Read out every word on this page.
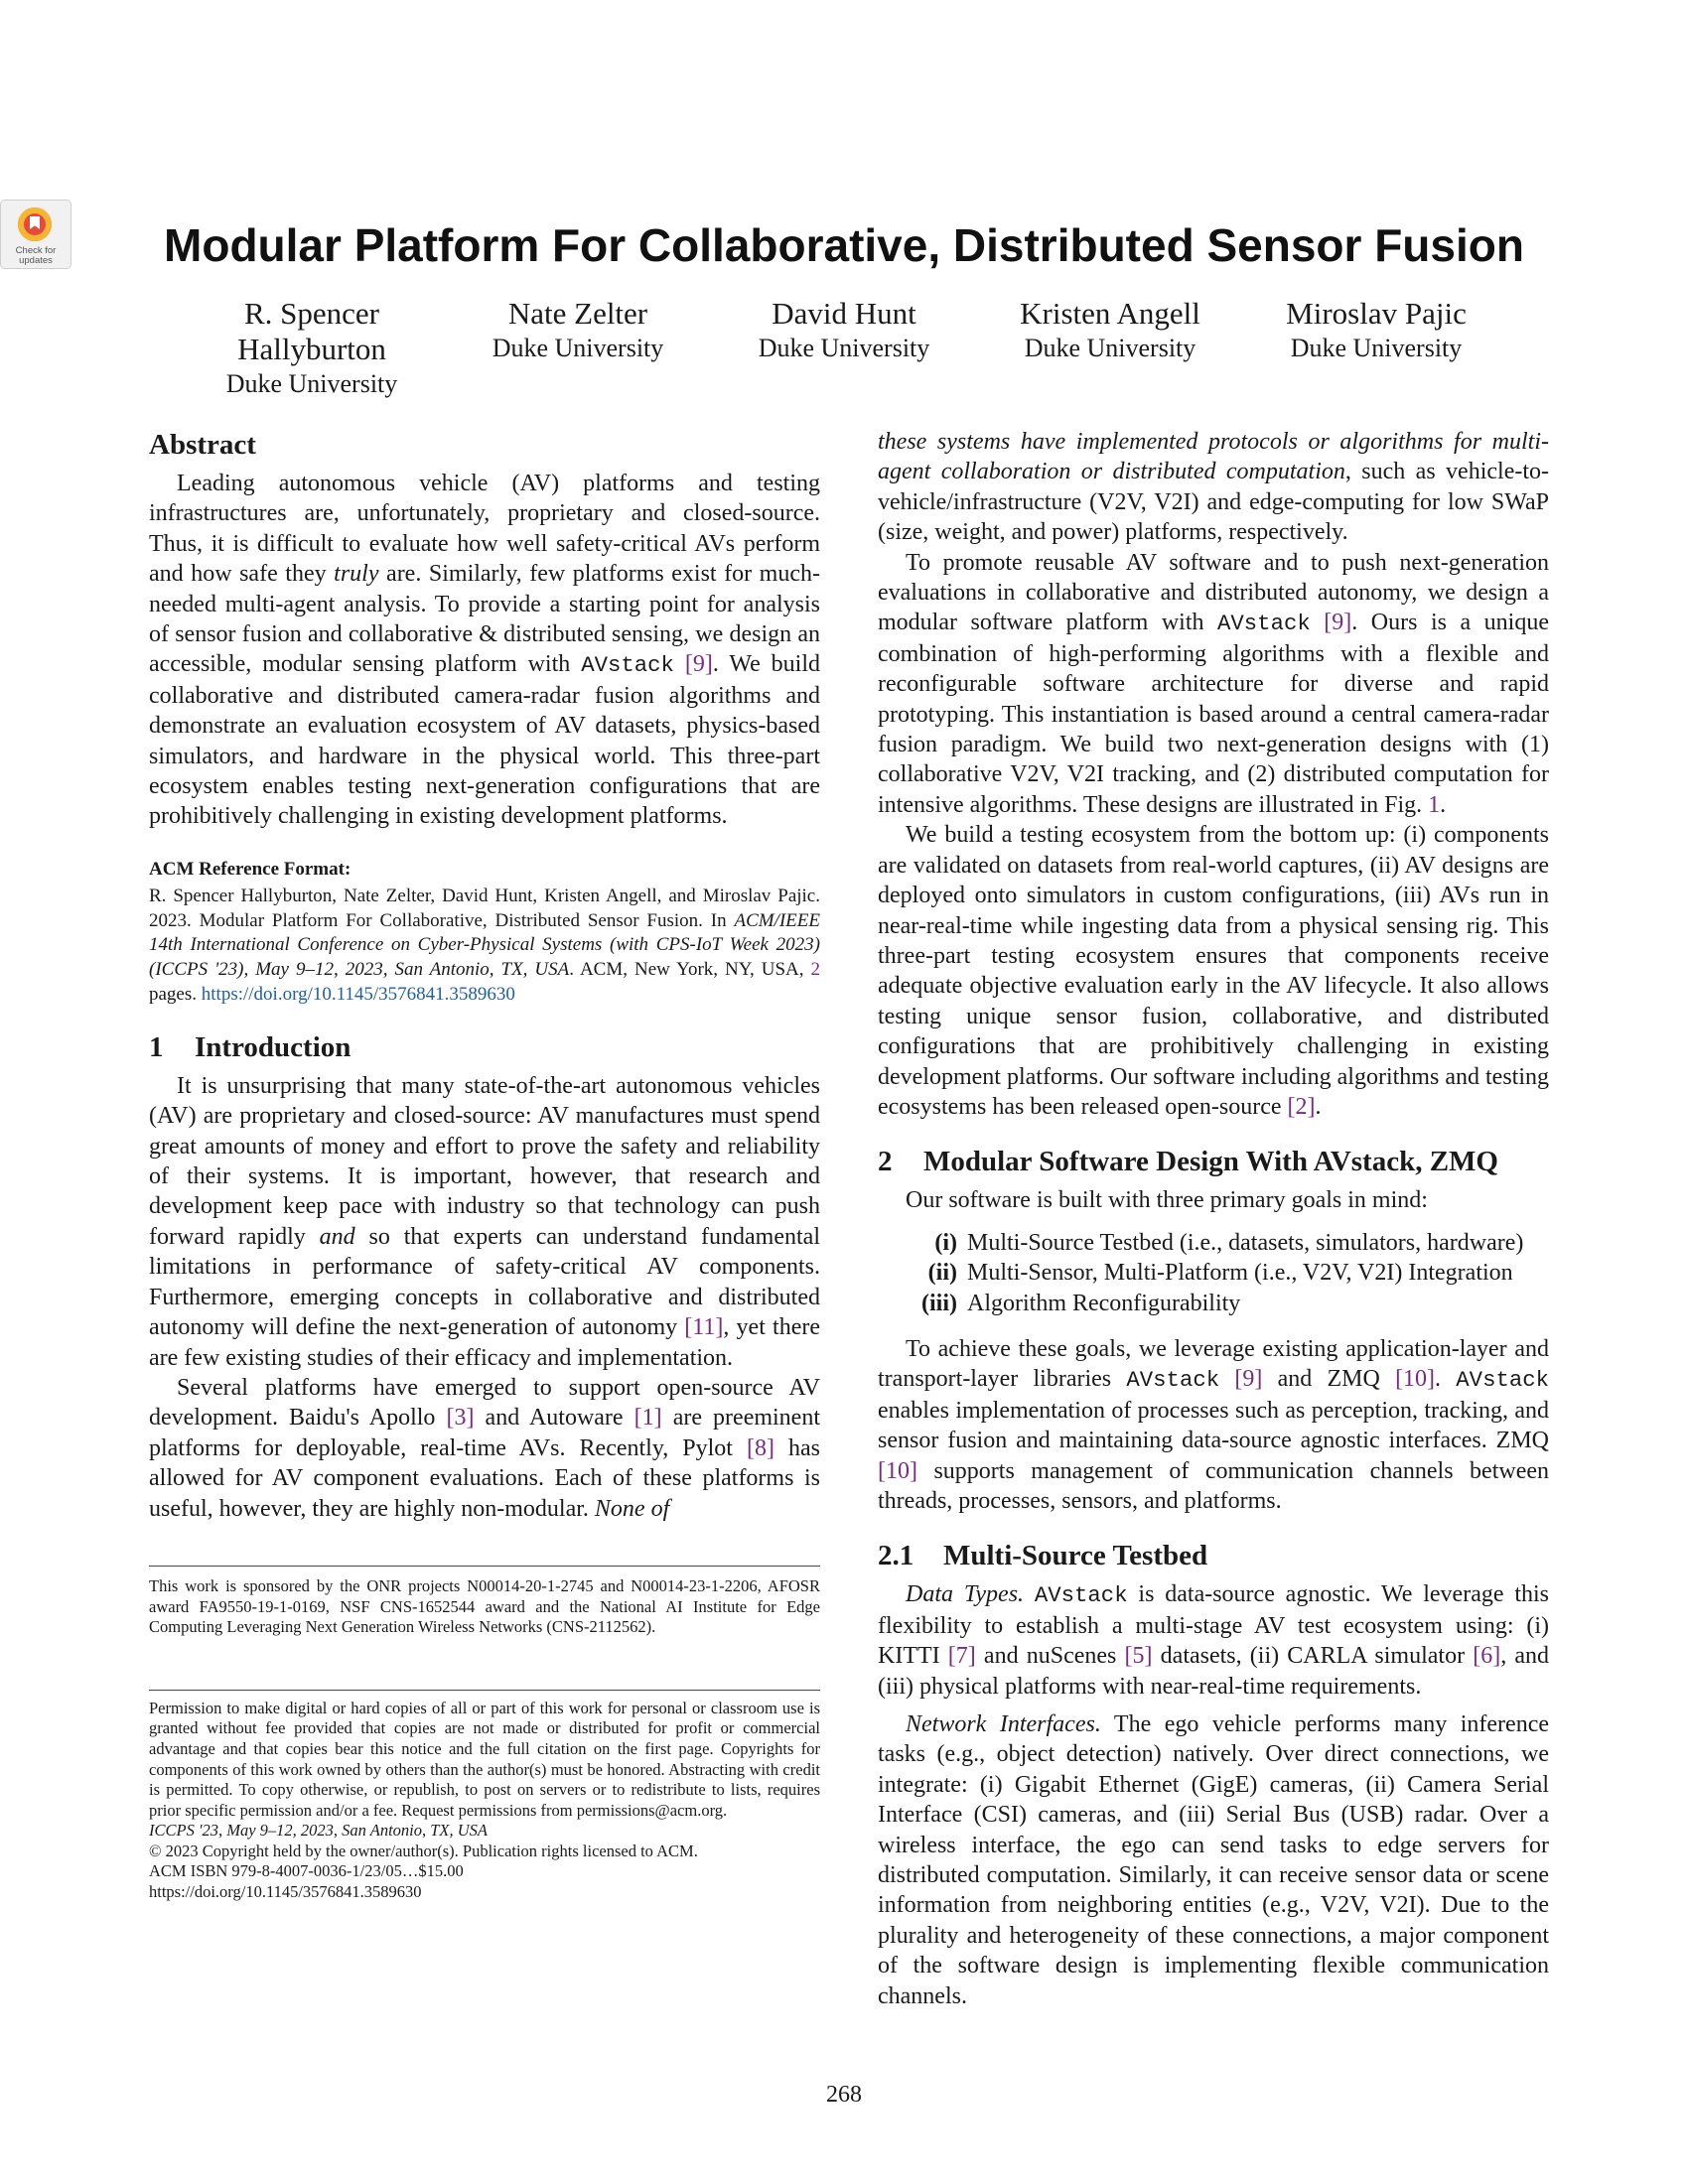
Check for updates	Modular Platform For Collaborative, Distributed Sensor Fusion
R. Spencer Hallyburton
Duke University
Nate Zelter
Duke University
David Hunt
Duke University
Kristen Angell
Duke University
Miroslav Pajic
Duke University
Abstract

Leading autonomous vehicle (AV) platforms and testing infrastructures are, unfortunately, proprietary and closed-source. Thus, it is difficult to evaluate how well safety-critical AVs perform and how safe they truly are. Similarly, few platforms exist for much-needed multi-agent analysis. To provide a starting point for analysis of sensor fusion and collaborative & distributed sensing, we design an accessible, modular sensing platform with AVstack [9]. We build collaborative and distributed camera-radar fusion algorithms and demonstrate an evaluation ecosystem of AV datasets, physics-based simulators, and hardware in the physical world. This three-part ecosystem enables testing next-generation configurations that are prohibitively challenging in existing development platforms.

ACM Reference Format:

R. Spencer Hallyburton, Nate Zelter, David Hunt, Kristen Angell, and Miroslav Pajic. 2023. Modular Platform For Collaborative, Distributed Sensor Fusion. In ACM/IEEE 14th International Conference on Cyber-Physical Systems (with CPS-IoT Week 2023) (ICCPS '23), May 9–12, 2023, San Antonio, TX, USA. ACM, New York, NY, USA, 2 pages. https://doi.org/10.1145/3576841.3589630

1 Introduction

It is unsurprising that many state-of-the-art autonomous vehicles (AV) are proprietary and closed-source: AV manufactures must spend great amounts of money and effort to prove the safety and reliability of their systems. It is important, however, that research and development keep pace with industry so that technology can push forward rapidly and so that experts can understand fundamental limitations in performance of safety-critical AV components. Furthermore, emerging concepts in collaborative and distributed autonomy will define the next-generation of autonomy [11], yet there are few existing studies of their efficacy and implementation.

Several platforms have emerged to support open-source AV development. Baidu's Apollo [3] and Autoware [1] are preeminent platforms for deployable, real-time AVs. Recently, Pylot [8] has allowed for AV component evaluations. Each of these platforms is useful, however, they are highly non-modular. None of

This work is sponsored by the ONR projects N00014-20-1-2745 and N00014-23-1-2206, AFOSR award FA9550-19-1-0169, NSF CNS-1652544 award and the National AI Institute for Edge Computing Leveraging Next Generation Wireless Networks (CNS-2112562).

Permission to make digital or hard copies of all or part of this work for personal or classroom use is granted without fee provided that copies are not made or distributed for profit or commercial advantage and that copies bear this notice and the full citation on the first page. Copyrights for components of this work owned by others than the author(s) must be honored. Abstracting with credit is permitted. To copy otherwise, or republish, to post on servers or to redistribute to lists, requires prior specific permission and/or a fee. Request permissions from permissions@acm.org.

ICCPS '23, May 9–12, 2023, San Antonio, TX, USA

© 2023 Copyright held by the owner/author(s). Publication rights licensed to ACM.

ACM ISBN 979-8-4007-0036-1/23/05…$15.00

https://doi.org/10.1145/3576841.3589630

these systems have implemented protocols or algorithms for multi-agent collaboration or distributed computation, such as vehicle-to-vehicle/infrastructure (V2V, V2I) and edge-computing for low SWaP (size, weight, and power) platforms, respectively.

To promote reusable AV software and to push next-generation evaluations in collaborative and distributed autonomy, we design a modular software platform with AVstack [9]. Ours is a unique combination of high-performing algorithms with a flexible and reconfigurable software architecture for diverse and rapid prototyping. This instantiation is based around a central camera-radar fusion paradigm. We build two next-generation designs with (1) collaborative V2V, V2I tracking, and (2) distributed computation for intensive algorithms. These designs are illustrated in Fig. 1.

We build a testing ecosystem from the bottom up: (i) components are validated on datasets from real-world captures, (ii) AV designs are deployed onto simulators in custom configurations, (iii) AVs run in near-real-time while ingesting data from a physical sensing rig. This three-part testing ecosystem ensures that components receive adequate objective evaluation early in the AV lifecycle. It also allows testing unique sensor fusion, collaborative, and distributed configurations that are prohibitively challenging in existing development platforms. Our software including algorithms and testing ecosystems has been released open-source [2].

2 Modular Software Design With AVstack, ZMQ

Our software is built with three primary goals in mind:

(i) Multi-Source Testbed (i.e., datasets, simulators, hardware)
(ii) Multi-Sensor, Multi-Platform (i.e., V2V, V2I) Integration
(iii) Algorithm Reconfigurability

To achieve these goals, we leverage existing application-layer and transport-layer libraries AVstack [9] and ZMQ [10]. AVstack enables implementation of processes such as perception, tracking, and sensor fusion and maintaining data-source agnostic interfaces. ZMQ [10] supports management of communication channels between threads, processes, sensors, and platforms.

2.1 Multi-Source Testbed

Data Types. AVstack is data-source agnostic. We leverage this flexibility to establish a multi-stage AV test ecosystem using: (i) KITTI [7] and nuScenes [5] datasets, (ii) CARLA simulator [6], and (iii) physical platforms with near-real-time requirements.

Network Interfaces. The ego vehicle performs many inference tasks (e.g., object detection) natively. Over direct connections, we integrate: (i) Gigabit Ethernet (GigE) cameras, (ii) Camera Serial Interface (CSI) cameras, and (iii) Serial Bus (USB) radar. Over a wireless interface, the ego can send tasks to edge servers for distributed computation. Similarly, it can receive sensor data or scene information from neighboring entities (e.g., V2V, V2I). Due to the plurality and heterogeneity of these connections, a major component of the software design is implementing flexible communication channels.

268
